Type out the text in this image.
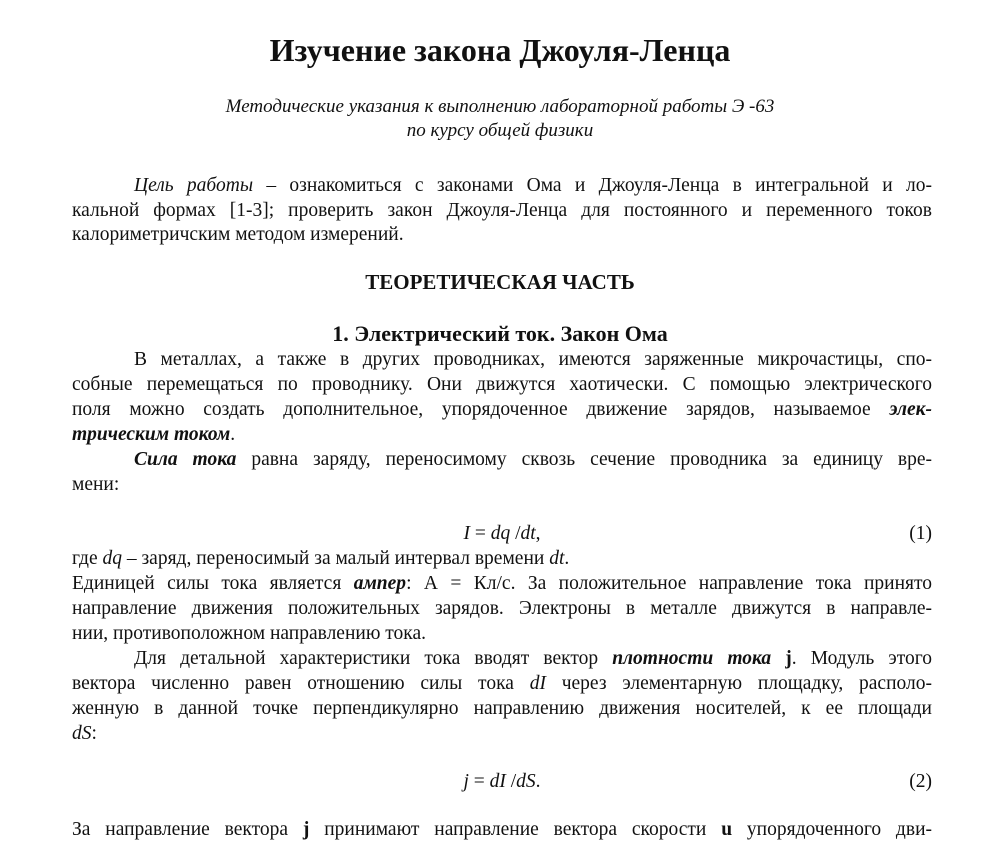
Изучение закона Джоуля-Ленца
Методические указания к выполнению лабораторной работы Э -63
по курсу общей физики
Цель работы – ознакомиться с законами Ома и Джоуля-Ленца в интегральной и ло-
кальной формах [1-3]; проверить закон Джоуля-Ленца для постоянного и переменного токов
калориметричским методом измерений.
ТЕОРЕТИЧЕСКАЯ ЧАСТЬ
1. Электрический ток. Закон Ома
В металлах, а также в других проводниках, имеются заряженные микрочастицы, спо-
собные перемещаться по проводнику. Они движутся хаотически. С помощью электрического
поля можно создать дополнительное, упорядоченное движение зарядов, называемое элек-
трическим током.
Сила тока равна заряду, переносимому сквозь сечение проводника за единицу вре-
мени:
I = dq /dt,	(1)
где dq – заряд, переносимый за малый интервал времени dt.
Единицей силы тока является ампер: А = Кл/с. За положительное направление тока принято
направление движения положительных зарядов. Электроны в металле движутся в направле-
нии, противоположном направлению тока.
Для детальной характеристики тока вводят вектор плотности тока j. Модуль этого
вектора численно равен отношению силы тока dI через элементарную площадку, располо-
женную в данной точке перпендикулярно направлению движения носителей, к ее площади
dS:
j = dI /dS.	(2)
За направление вектора j принимают направление вектора скорости u упорядоченного дви-
